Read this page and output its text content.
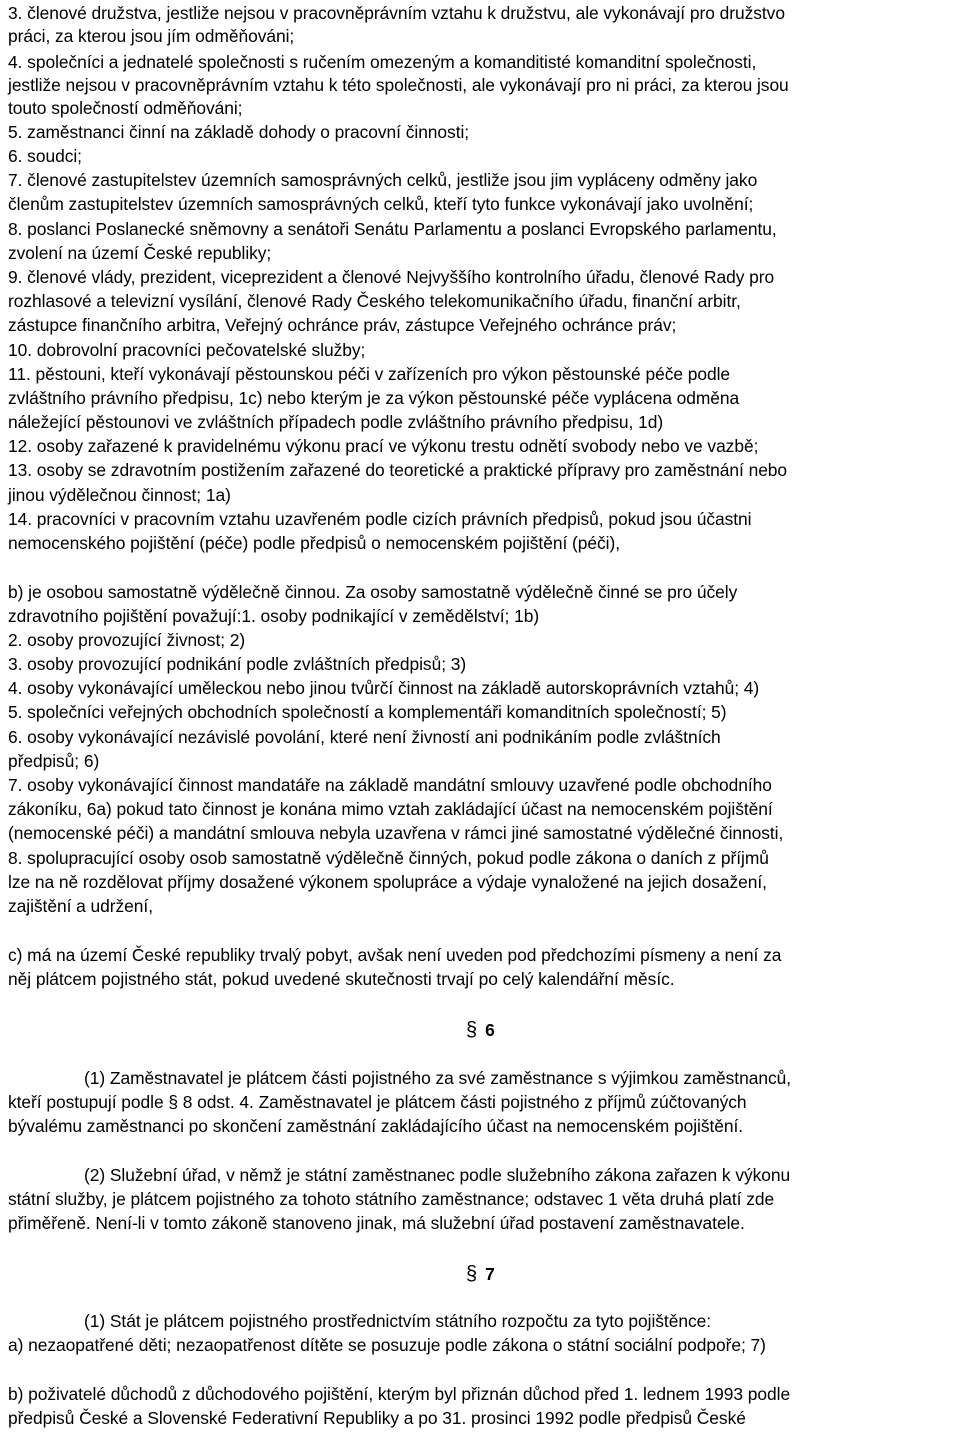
3. členové družstva, jestliže nejsou v pracovněprávním vztahu k družstvu, ale vykonávají pro družstvo
práci, za kterou jsou jím odměňováni;
4. společníci a jednatelé společnosti s ručením omezeným a komanditisté komanditní společnosti,
jestliže nejsou v pracovněprávním vztahu k této společnosti, ale vykonávají pro ni práci, za kterou jsou
touto společností odměňováni;
5. zaměstnanci činní na základě dohody o pracovní činnosti;
6. soudci;
7. členové zastupitelstev územních samosprávných celků, jestliže jsou jim vypláceny odměny jako
členům zastupitelstev územních samosprávných celků, kteří tyto funkce vykonávají jako uvolnění;
8. poslanci Poslanecké sněmovny a senátoři Senátu Parlamentu a poslanci Evropského parlamentu,
zvolení na území České republiky;
9. členové vlády, prezident, viceprezident a členové Nejvyššího kontrolního úřadu, členové Rady pro
rozhlasové a televizní vysílání, členové Rady Českého telekomunikačního úřadu, finanční arbitr,
zástupce finančního arbitra, Veřejný ochránce práv, zástupce Veřejného ochránce práv;
10. dobrovolní pracovníci pečovatelské služby;
11. pěstouni, kteří vykonávají pěstounskou péči v zařízeních pro výkon pěstounské péče podle
zvláštního právního předpisu, 1c) nebo kterým je za výkon pěstounské péče vyplácena odměna
náležející pěstounovi ve zvláštních případech podle zvláštního právního předpisu, 1d)
12. osoby zařazené k pravidelnému výkonu prací ve výkonu trestu odnětí svobody nebo ve vazbě;
13. osoby se zdravotním postižením zařazené do teoretické a praktické přípravy pro zaměstnání nebo
jinou výdělečnou činnost; 1a)
14. pracovníci v pracovním vztahu uzavřeném podle cizích právních předpisů, pokud jsou účastni
nemocenského pojištění (péče) podle předpisů o nemocenském pojištění (péči),
b) je osobou samostatně výdělečně činnou. Za osoby samostatně výdělečně činné se pro účely
zdravotního pojištění považují:1. osoby podnikající v zemědělství; 1b)
2. osoby provozující živnost; 2)
3. osoby provozující podnikání podle zvláštních předpisů; 3)
4. osoby vykonávající uměleckou nebo jinou tvůrčí činnost na základě autorskoprávních vztahů; 4)
5. společníci veřejných obchodních společností a komplementáři komanditních společností; 5)
6. osoby vykonávající nezávislé povolání, které není živností ani podnikáním podle zvláštních
předpisů; 6)
7. osoby vykonávající činnost mandatáře na základě mandátní smlouvy uzavřené podle obchodního
zákoníku, 6a) pokud tato činnost je konána mimo vztah zakládající účast na nemocenském pojištění
(nemocenské péči) a mandátní smlouva nebyla uzavřena v rámci jiné samostatné výdělečné činnosti,
8. spolupracující osoby osob samostatně výdělečně činných, pokud podle zákona o daních z příjmů
lze na ně rozdělovat příjmy dosažené výkonem spolupráce a výdaje vynaložené na jejich dosažení,
zajištění a udržení,
c) má na území České republiky trvalý pobyt, avšak není uveden pod předchozími písmeny a není za
něj plátcem pojistného stát, pokud uvedené skutečnosti trvají po celý kalendářní měsíc.
§ 6
(1) Zaměstnavatel je plátcem části pojistného za své zaměstnance s výjimkou zaměstnanců,
kteří postupují podle § 8 odst. 4. Zaměstnavatel je plátcem části pojistného z příjmů zúčtovaných
bývalému zaměstnanci po skončení zaměstnání zakládajícího účast na nemocenském pojištění.
(2) Služební úřad, v němž je státní zaměstnanec podle služebního zákona zařazen k výkonu
státní služby, je plátcem pojistného za tohoto státního zaměstnance; odstavec 1 věta druhá platí zde
přiměřeně. Není-li v tomto zákoně stanoveno jinak, má služební úřad postavení zaměstnavatele.
§ 7
(1) Stát je plátcem pojistného prostřednictvím státního rozpočtu za tyto pojištěnce:
a) nezaopatřené děti; nezaopatřenost dítěte se posuzuje podle zákona o státní sociální podpoře; 7)
b) poživatelé důchodů z důchodového pojištění, kterým byl přiznán důchod před 1. lednem 1993 podle
předpisů České a Slovenské Federativní Republiky a po 31. prosinci 1992 podle předpisů České
